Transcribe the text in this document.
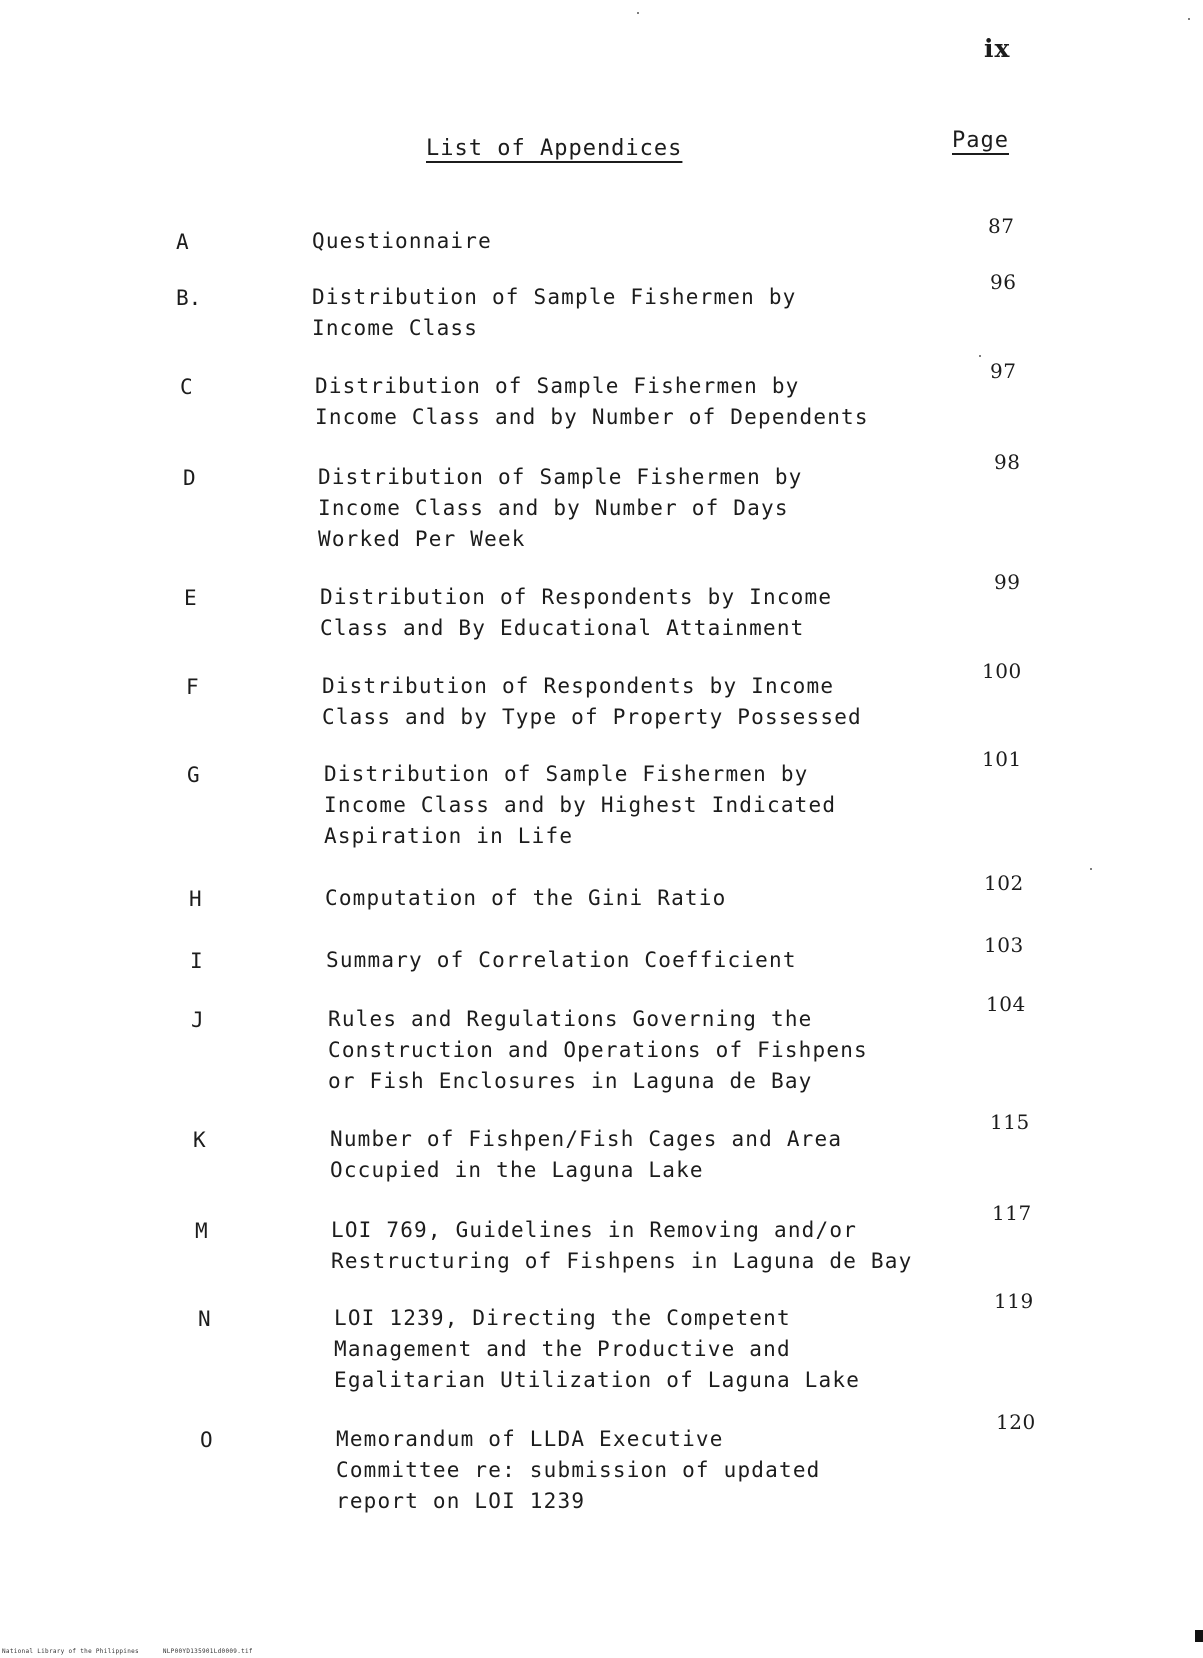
ix
List of Appendices	Page
A	Questionnaire
87
B.	Distribution of Sample Fishermen by
Income Class
96
C	Distribution of Sample Fishermen by
Income Class and by Number of Dependents
97
D	Distribution of Sample Fishermen by
Income Class and by Number of Days
Worked Per Week
98
E	Distribution of Respondents by Income
Class and By Educational Attainment
99
F	Distribution of Respondents by Income
Class and by Type of Property Possessed
100
G	Distribution of Sample Fishermen by
Income Class and by Highest Indicated
Aspiration in Life
101
H	Computation of the Gini Ratio
102
I	Summary of Correlation Coefficient
103
J	Rules and Regulations Governing the
Construction and Operations of Fishpens
or Fish Enclosures in Laguna de Bay
104
K	Number of Fishpen/Fish Cages and Area
Occupied in the Laguna Lake
115
M	LOI 769, Guidelines in Removing and/or
Restructuring of Fishpens in Laguna de Bay
117
N	LOI 1239, Directing the Competent
Management and the Productive and
Egalitarian Utilization of Laguna Lake
119
O	Memorandum of LLDA Executive
Committee re: submission of updated
report on LOI 1239
120
National Library of the Philippines	NLP00YD135901Ld0009.tif
